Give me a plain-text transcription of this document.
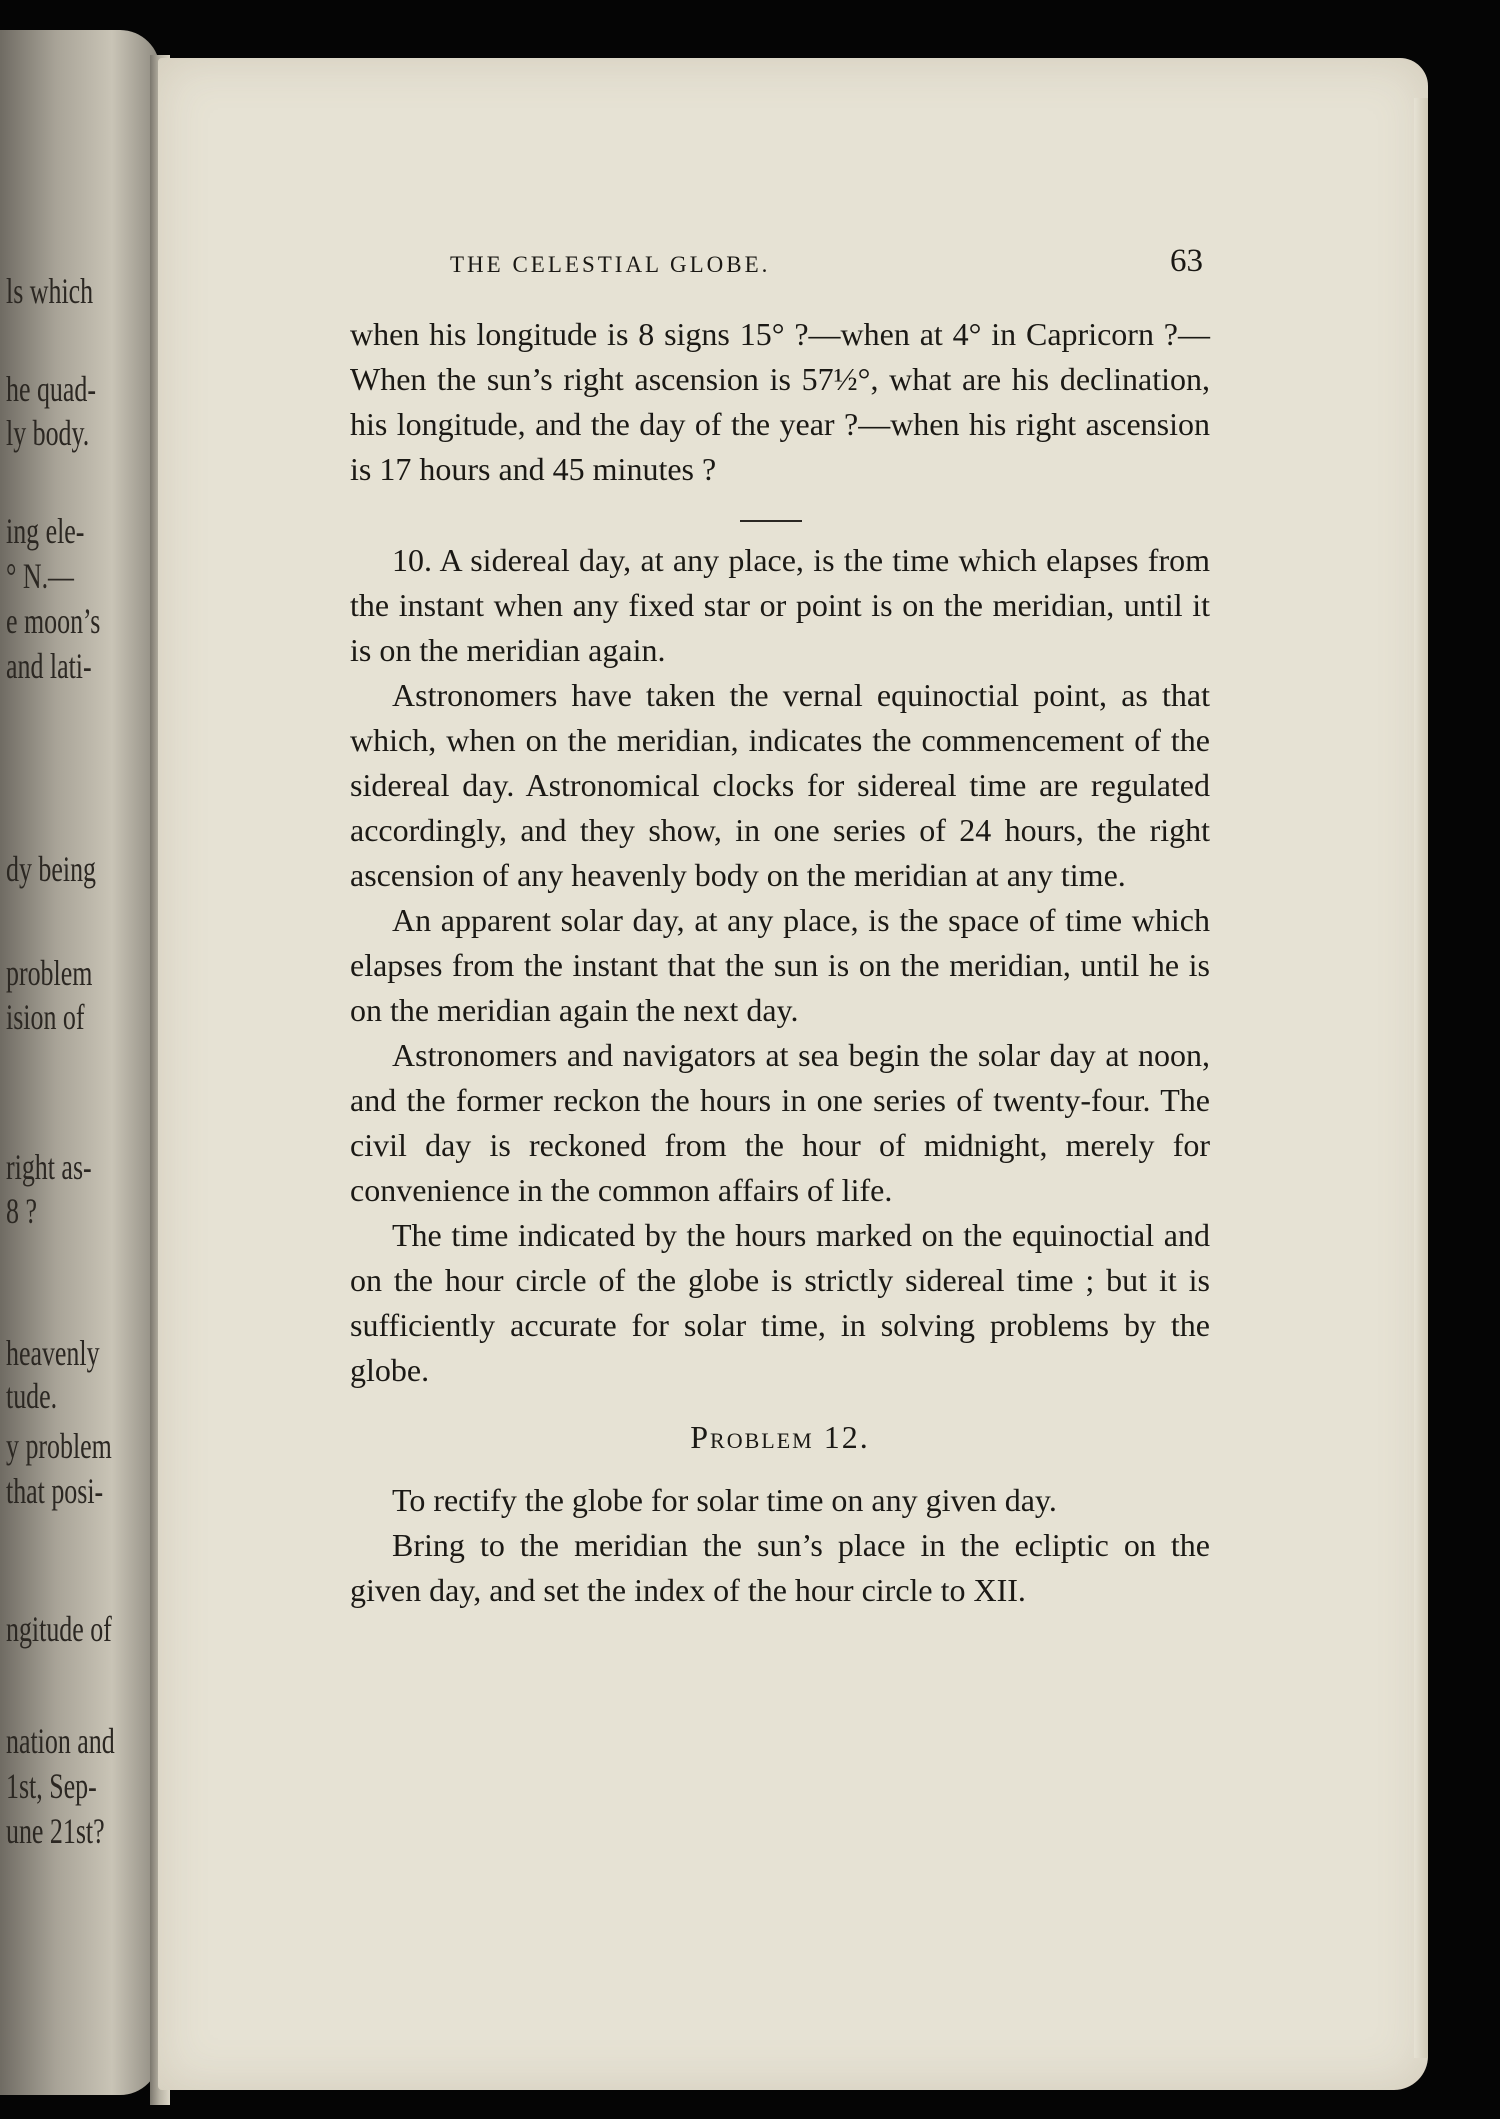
ls which

he quad-

ly body.

ing ele-

° N.—

e moon’s

and lati-

dy being

problem

ision of

right as-

8 ?

heavenly

tude.

y problem

that posi-

ngitude of

nation and

1st, Sep-

une 21st?

THE CELESTIAL GLOBE.	63

when his longitude is 8 signs 15° ?—when at 4° in Capricorn ?—When the sun’s right ascension is 57½°, what are his declination, his longitude, and the day of the year ?—when his right ascension is 17 hours and 45 minutes ?

10. A sidereal day, at any place, is the time which elapses from the instant when any fixed star or point is on the meridian, until it is on the meridian again.

Astronomers have taken the vernal equinoctial point, as that which, when on the meridian, indicates the commencement of the sidereal day. Astronomical clocks for sidereal time are regulated accordingly, and they show, in one series of 24 hours, the right ascension of any heavenly body on the meridian at any time.

An apparent solar day, at any place, is the space of time which elapses from the instant that the sun is on the meridian, until he is on the meridian again the next day.

Astronomers and navigators at sea begin the solar day at noon, and the former reckon the hours in one series of twenty-four. The civil day is reckoned from the hour of midnight, merely for convenience in the common affairs of life.

The time indicated by the hours marked on the equinoctial and on the hour circle of the globe is strictly sidereal time ; but it is sufficiently accurate for solar time, in solving problems by the globe.

Problem 12.

To rectify the globe for solar time on any given day.

Bring to the meridian the sun’s place in the ecliptic on the given day, and set the index of the hour circle to XII.
